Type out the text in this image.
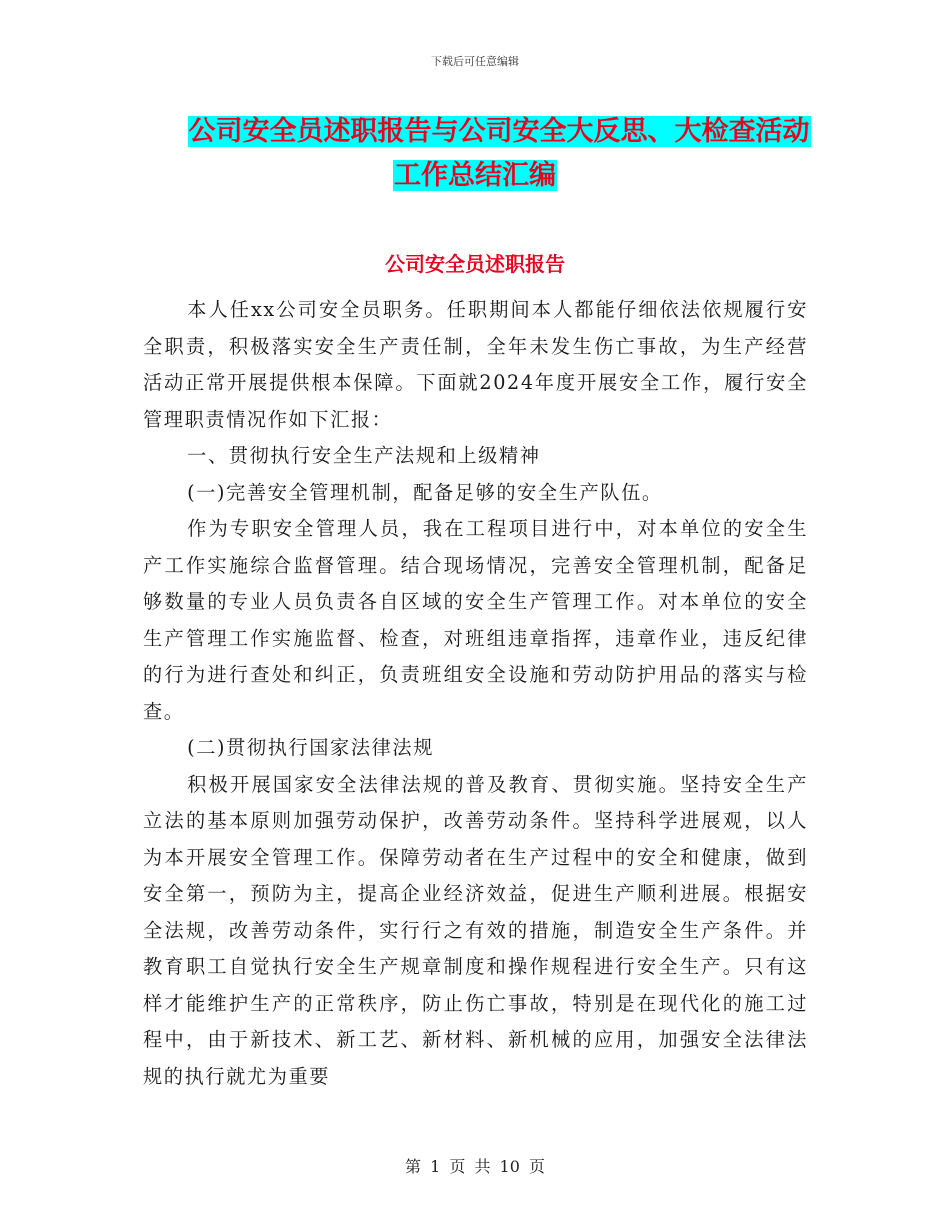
下载后可任意编辑
公司安全员述职报告与公司安全大反思、大检查活动
工作总结汇编
公司安全员述职报告

本人任xx公司安全员职务。任职期间本人都能仔细依法依规履行安全职责，积极落实安全生产责任制，全年未发生伤亡事故，为生产经营活动正常开展提供根本保障。下面就2024年度开展安全工作，履行安全管理职责情况作如下汇报：

一、贯彻执行安全生产法规和上级精神

(一)完善安全管理机制，配备足够的安全生产队伍。

作为专职安全管理人员，我在工程项目进行中，对本单位的安全生产工作实施综合监督管理。结合现场情况，完善安全管理机制，配备足够数量的专业人员负责各自区域的安全生产管理工作。对本单位的安全生产管理工作实施监督、检查，对班组违章指挥，违章作业，违反纪律的行为进行查处和纠正，负责班组安全设施和劳动防护用品的落实与检查。

(二)贯彻执行国家法律法规

积极开展国家安全法律法规的普及教育、贯彻实施。坚持安全生产立法的基本原则加强劳动保护，改善劳动条件。坚持科学进展观，以人为本开展安全管理工作。保障劳动者在生产过程中的安全和健康，做到安全第一，预防为主，提高企业经济效益，促进生产顺利进展。根据安全法规，改善劳动条件，实行行之有效的措施，制造安全生产条件。并教育职工自觉执行安全生产规章制度和操作规程进行安全生产。只有这样才能维护生产的正常秩序，防止伤亡事故，特别是在现代化的施工过程中，由于新技术、新工艺、新材料、新机械的应用，加强安全法律法规的执行就尤为重要

第 1 页 共 10 页
